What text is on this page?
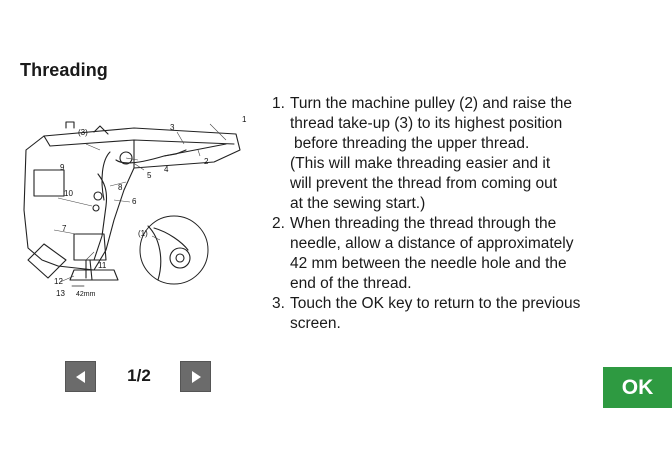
Threading
(3)
3
1
2
9
5
4
8
10
6
7
11
12
13 42mm
(1)
1. Turn the machine pulley (2) and raise the
thread take-up (3) to its highest position
before threading the upper thread.
(This will make threading easier and it
will prevent the thread from coming out
at the sewing start.)
2. When threading the thread through the
needle, allow a distance of approximately
42 mm between the needle hole and the
end of the thread.
3. Touch the OK key to return to the previous
screen.
1/2	OK
